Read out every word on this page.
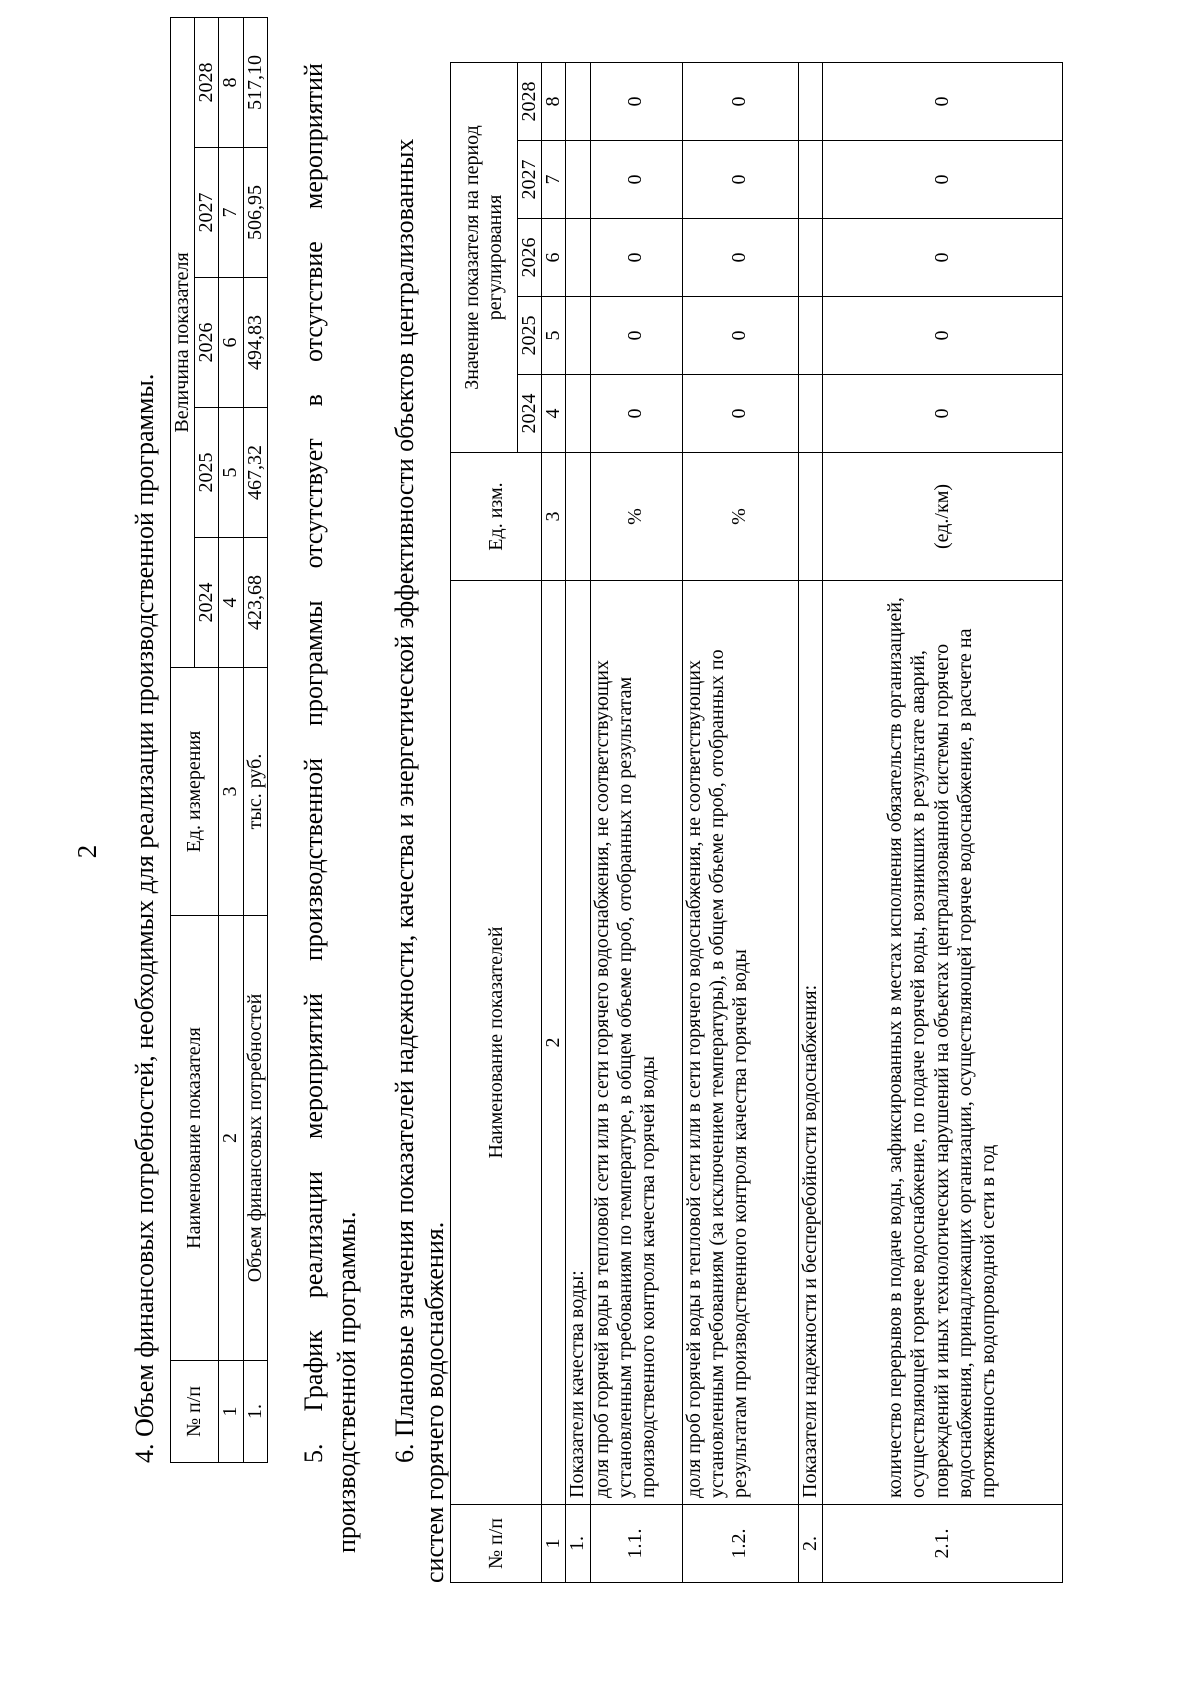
2 4. Объем финансовых потребностей, необходимых для реализации производственной программы. № п/п	Наименование показателя	Ед. измерения	Величина показателя				
			2024	2025	2026	2027	2028
1	2	3	4	5	6	7	8
1.	Объем финансовых потребностей	тыс. руб.	423,68	467,32	494,83	506,95	517,10
5.
График
реализации
мероприятий
производственной
программы
отсутствует
в
отсутствие
мероприятий
производственной программы. 6. Плановые значения показателей надежности, качества и энергетической эффективности объектов централизованных систем горячего водоснабжения. № п/п	Наименование показателей	Ед. изм.	Значение показателя на период регулирования				
			2024	2025	2026	2027	2028
1	2	3	4	5	6	7	8
1.	Показатели качества воды:						
1.1.	доля проб горячей воды в тепловой сети или в сети горячего водоснабжения, не соответствующих установленным требованиям по температуре, в общем объеме проб, отобранных по результатам производственного контроля качества горячей воды	%	0	0	0	0	0
1.2.	доля проб горячей воды в тепловой сети или в сети горячего водоснабжения, не соответствующих установленным требованиям (за исключением температуры), в общем объеме проб, отобранных по результатам производственного контроля качества горячей воды	%	0	0	0	0	0
2.	Показатели надежности и бесперебойности водоснабжения:						
2.1.	количество перерывов в подаче воды, зафиксированных в местах исполнения обязательств организацией, осуществляющей горячее водоснабжение, по подаче горячей воды, возникших в результате аварий, повреждений и иных технологических нарушений на объектах централизованной системы горячего водоснабжения, принадлежащих организации, осуществляющей горячее водоснабжение, в расчете на протяженность водопроводной сети в год	(ед./км)	0	0	0	0	0
